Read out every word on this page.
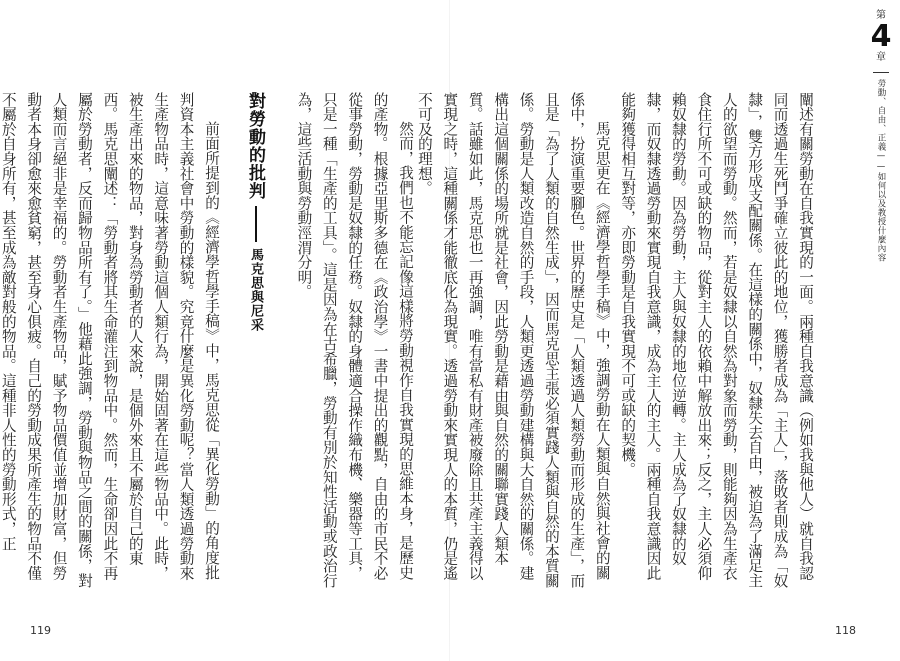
然而，我們也不能忘記像這樣將勞動視作自我實現的思維本身，是歷史的產物。根據亞里斯多德在《政治學》一書中提出的觀點，自由的市民不必從事勞動，勞動是奴隸的任務。奴隸的身體適合操作織布機、樂器等工具，只是一種「生產的工具」。這是因為在古希臘，勞動有別於知性活動或政治行為，這些活動與勞動涇渭分明。

對勞動的批判
馬克思與尼采

前面所提到的《經濟學哲學手稿》中，馬克思從「異化勞動」的角度批判資本主義社會中勞動的樣貌。究竟什麼是異化勞動呢？當人類透過勞動來生產物品時，這意味著勞動這個人類行為，開始固著在這些物品中。此時，被生產出來的物品，對身為勞動者的人來說，是個外來且不屬於自己的東西。馬克思闡述：「勞動者將其生命灌注到物品中。然而，生命卻因此不再屬於勞動者，反而歸物品所有了。」他藉此強調，勞動與物品之間的關係，對人類而言絕非是幸福的。勞動者生產物品，賦予物品價值並增加財富，但勞動者本身卻愈來愈貧窮，甚至身心俱疲。自己的勞動成果所產生的物品不僅不屬於自身所有，甚至成為敵對般的物品。這種非人性的勞動形式，正

119

闡述有關勞動在自我實現的一面。兩種自我意識（例如我與他人）就自我認同而透過生死鬥爭確立彼此的地位，獲勝者成為「主人」，落敗者則成為「奴隸」，雙方形成支配關係。在這樣的關係中，奴隸失去自由，被迫為了滿足主人的欲望而勞動。然而，若是奴隸以自然為對象而勞動，則能夠因為生產衣食住行所不可或缺的物品，從對主人的依賴中解放出來；反之，主人必須仰賴奴隸的勞動。因為勞動，主人與奴隸的地位逆轉。主人成為了奴隸的奴隸，而奴隸透過勞動來實現自我意識，成為主人的主人。兩種自我意識因此能夠獲得相互對等，亦即勞動是自我實現不可或缺的契機。

馬克思更在《經濟學哲學手稿》中，強調勞動在人類與自然與社會的關係中，扮演重要腳色。世界的歷史是「人類透過人類勞動而形成的生產」，而且是「為了人類的自然生成」，因而馬克思主張必須實踐人類與自然的本質關係。勞動是人類改造自然的手段，人類更透過勞動建構與大自然的關係。建構出這個關係的場所就是社會，因此勞動是藉由與自然的關聯實踐人類本質。話雖如此，馬克思也一再強調，唯有當私有財產被廢除且共產主義得以實現之時，這種關係才能徹底化為現實。透過勞動來實現人的本質，仍是遙不可及的理想。

第
4
章
勞動、自由、正義——如何以及教授什麼內容
118
